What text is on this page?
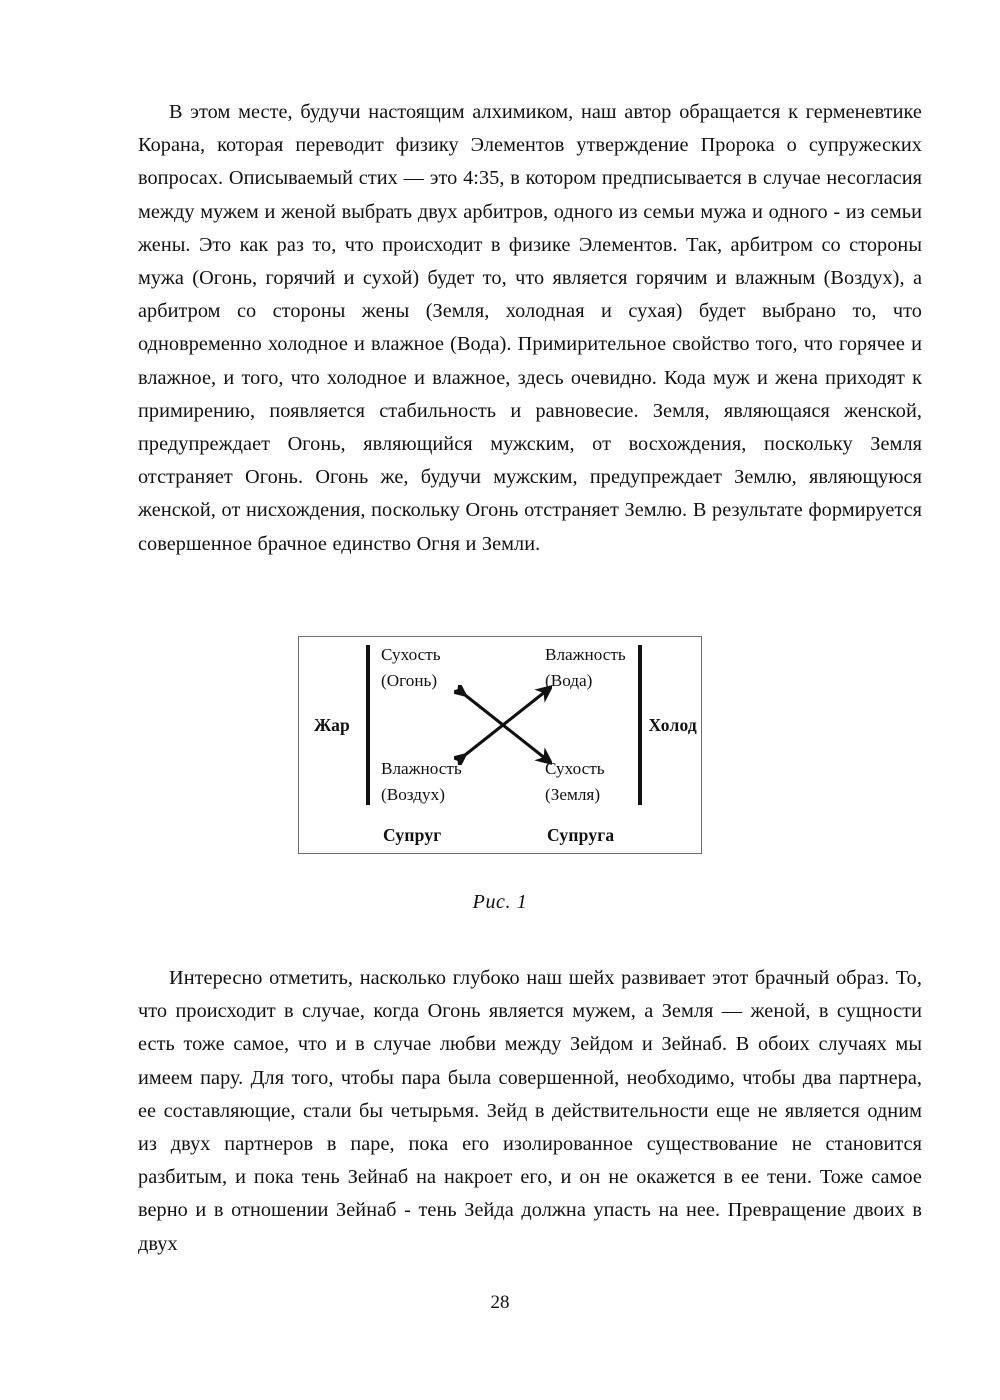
В этом месте, будучи настоящим алхимиком, наш автор обращается к герменевтике Корана, которая переводит физику Элементов утверждение Пророка о супружеских вопросах. Описываемый стих — это 4:35, в котором предписывается в случае несогласия между мужем и женой выбрать двух арбитров, одного из семьи мужа и одного - из семьи жены. Это как раз то, что происходит в физике Элементов. Так, арбитром со стороны мужа (Огонь, горячий и сухой) будет то, что является горячим и влажным (Воздух), а арбитром со стороны жены (Земля, холодная и сухая) будет выбрано то, что одновременно холодное и влажное (Вода). Примирительное свойство того, что горячее и влажное, и того, что холодное и влажное, здесь очевидно. Кода муж и жена приходят к примирению, появляется стабильность и равновесие. Земля, являющаяся женской, предупреждает Огонь, являющийся мужским, от восхождения, поскольку Земля отстраняет Огонь. Огонь же, будучи мужским, предупреждает Землю, являющуюся женской, от нисхождения, поскольку Огонь отстраняет Землю. В результате формируется совершенное брачное единство Огня и Земли.

Жар	Холод
Сухость
(Огонь)
Влажность
(Вода)
Влажность
(Воздух)
Сухость
(Земля)
Супруг	Супруга
Рис. 1

Интересно отметить, насколько глубоко наш шейх развивает этот брачный образ. То, что происходит в случае, когда Огонь является мужем, а Земля — женой, в сущности есть тоже самое, что и в случае любви между Зейдом и Зейнаб. В обоих случаях мы имеем пару. Для того, чтобы пара была совершенной, необходимо, чтобы два партнера, ее составляющие, стали бы четырьмя. Зейд в действительности еще не является одним из двух партнеров в паре, пока его изолированное существование не становится разбитым, и пока тень Зейнаб на накроет его, и он не окажется в ее тени. Тоже самое верно и в отношении Зейнаб - тень Зейда должна упасть на нее. Превращение двоих в двух

28
